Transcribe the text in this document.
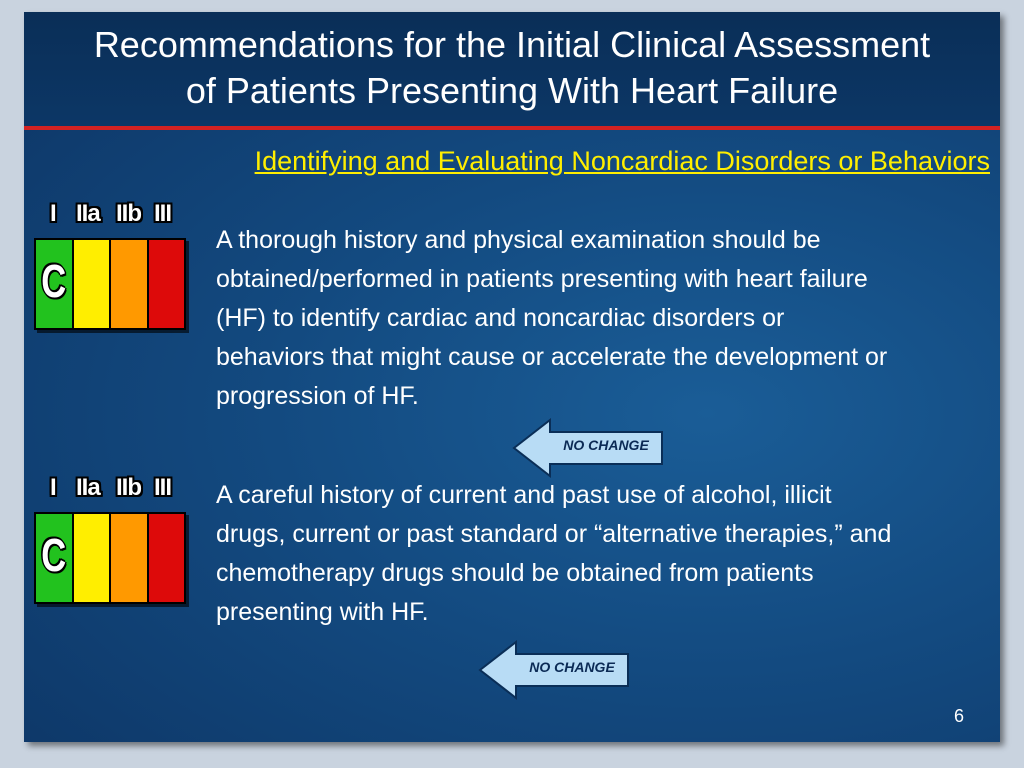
Recommendations for the Initial Clinical Assessment
of Patients Presenting With Heart Failure
Identifying and Evaluating Noncardiac Disorders or Behaviors
I IIa IIb III
C
A thorough history and physical examination should be obtained/performed in patients presenting with heart failure (HF) to identify cardiac and noncardiac disorders or behaviors that might cause or accelerate the development or progression of HF.
NO CHANGE
I IIa IIb III
C
A careful history of current and past use of alcohol, illicit drugs, current or past standard or “alternative therapies,” and chemotherapy drugs should be obtained from patients presenting with HF.
NO CHANGE
6
